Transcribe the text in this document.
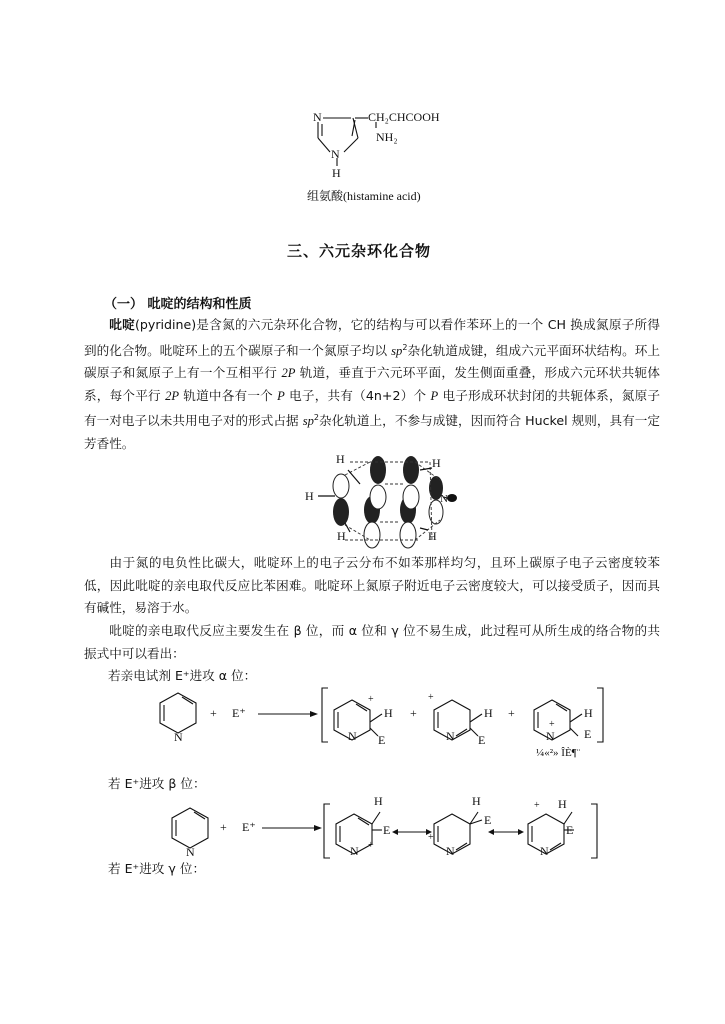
N
N
H
CH₂CHCOOH
NH₂
组氨酸(histamine acid)
三、六元杂环化合物
（一） 吡啶的结构和性质
吡啶(pyridine)是含氮的六元杂环化合物，它的结构与可以看作苯环上的一个 CH 换成氮原子所得到的化合物。吡啶环上的五个碳原子和一个氮原子均以 $sp^2$杂化轨道成键，组成六元平面环状结构。环上碳原子和氮原子上有一个互相平行 2P 轨道，垂直于六元环平面，发生侧面重叠，形成六元环状共轭体系，每个平行 2P 轨道中各有一个 P 电子，共有（4n+2）个 P 电子形成环状封闭的共轭体系，氮原子有一对电子以未共用电子对的形式占据 $sp^2$杂化轨道上，不参与成键，因而符合 Huckel 规则，具有一定芳香性。
H	H
H
H	H
N
由于氮的电负性比碳大，吡啶环上的电子云分布不如苯那样均匀，且环上碳原子电子云密度较苯低，因此吡啶的亲电取代反应比苯困难。吡啶环上氮原子附近电子云密度较大，可以接受质子，因而具有碱性，易溶于水。
吡啶的亲电取代反应主要发生在 β 位，而 α 位和 γ 位不易生成，此过程可从所生成的络合物的共振式中可以看出：
若亲电试剂 E⁺进攻 α 位：
N
+ E⁺
+
H
N E
+
+
H
N E
+
+
H
N E
¼«²» ÎÈ¶¨
若 E⁺进攻 β 位：
N
+ E⁺
H
E
N +
H
E
N
+
+ H
E
N
若 E⁺进攻 γ 位：
